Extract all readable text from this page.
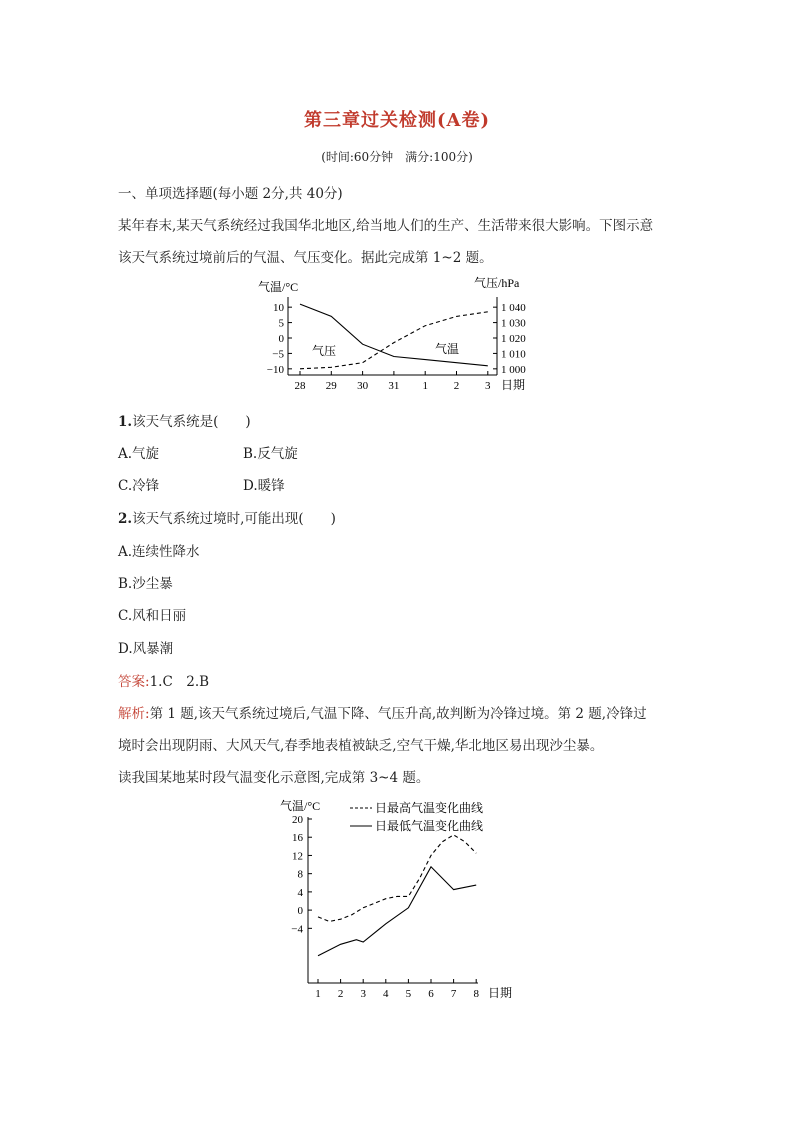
第三章过关检测(A卷)
(时间:60分钟　满分:100分)
一、单项选择题(每小题 2分,共 40分)
某年春末,某天气系统经过我国华北地区,给当地人们的生产、生活带来很大影响。下图示意
该天气系统过境前后的气温、气压变化。据此完成第 1~2 题。
气温/°C	气压/hPa
10
5
0
−5
−10
1 040
1 030
1 020
1 010
1 000
28 29 30 31 1 2 3 日期
气压	气温
1.该天气系统是(　　)
A.气旋	B.反气旋
C.冷锋	D.暖锋
2.该天气系统过境时,可能出现(　　)
A.连续性降水
B.沙尘暴
C.风和日丽
D.风暴潮
答案:1.C　2.B
解析:第 1 题,该天气系统过境后,气温下降、气压升高,故判断为冷锋过境。第 2 题,冷锋过
境时会出现阴雨、大风天气,春季地表植被缺乏,空气干燥,华北地区易出现沙尘暴。
读我国某地某时段气温变化示意图,完成第 3~4 题。
气温/°C
20
16
12
8
4
0
−4
1 2 3 4 5 6 7 8 日期
日最高气温变化曲线
日最低气温变化曲线
